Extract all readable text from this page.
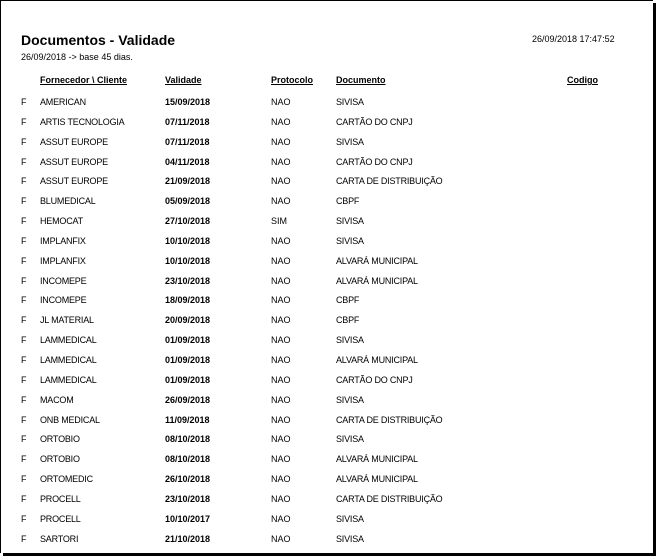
Documentos - Validade
26/09/2018 -> base 45 dias.
26/09/2018 17:47:52
Fornecedor \ Cliente	Validade	Protocolo	Documento	Codigo
F AMERICAN	15/09/2018	NAO	SIVISA
F ARTIS TECNOLOGIA	07/11/2018	NAO	CARTÃO DO CNPJ
F ASSUT EUROPE	07/11/2018	NAO	SIVISA
F ASSUT EUROPE	04/11/2018	NAO	CARTÃO DO CNPJ
F ASSUT EUROPE	21/09/2018	NAO	CARTA DE DISTRIBUIÇÃO
F BLUMEDICAL	05/09/2018	NAO	CBPF
F HEMOCAT	27/10/2018	SIM	SIVISA
F IMPLANFIX	10/10/2018	NAO	SIVISA
F IMPLANFIX	10/10/2018	NAO	ALVARÁ MUNICIPAL
F INCOMEPE	23/10/2018	NAO	ALVARÁ MUNICIPAL
F INCOMEPE	18/09/2018	NAO	CBPF
F JL MATERIAL	20/09/2018	NAO	CBPF
F LAMMEDICAL	01/09/2018	NAO	SIVISA
F LAMMEDICAL	01/09/2018	NAO	ALVARÁ MUNICIPAL
F LAMMEDICAL	01/09/2018	NAO	CARTÃO DO CNPJ
F MACOM	26/09/2018	NAO	SIVISA
F ONB MEDICAL	11/09/2018	NAO	CARTA DE DISTRIBUIÇÃO
F ORTOBIO	08/10/2018	NAO	SIVISA
F ORTOBIO	08/10/2018	NAO	ALVARÁ MUNICIPAL
F ORTOMEDIC	26/10/2018	NAO	ALVARÁ MUNICIPAL
F PROCELL	23/10/2018	NAO	CARTA DE DISTRIBUIÇÃO
F PROCELL	10/10/2017	NAO	SIVISA
F SARTORI	21/10/2018	NAO	SIVISA
